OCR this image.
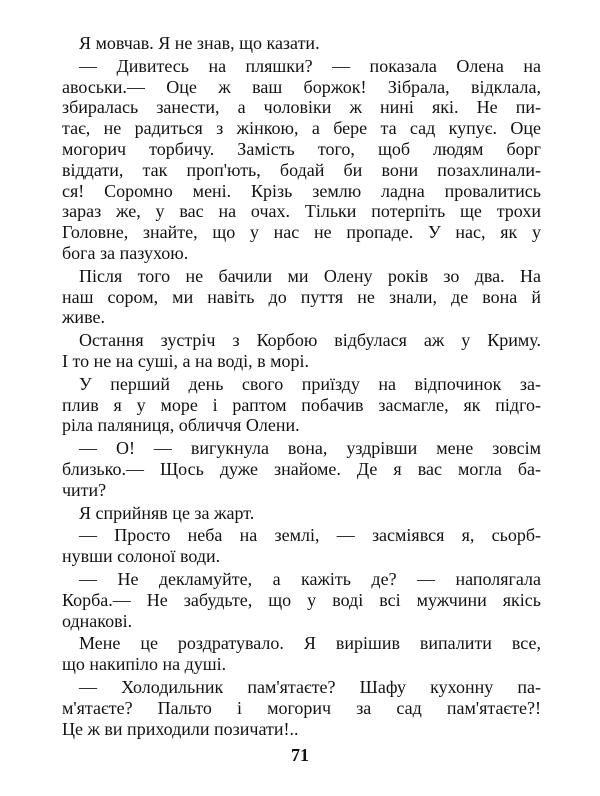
Я мовчав. Я не знав, що казати.
— Дивитесь на пляшки? — показала Олена на
авоськи.— Оце ж ваш боржок! Зібрала, відклала,
збиралась занести, а чоловіки ж нині які. Не пи-
тає, не радиться з жінкою, а бере та сад купує. Оце
могорич торбичу. Замість того, щоб людям борг
віддати, так проп'ють, бодай би вони позахлинали-
ся! Соромно мені. Крізь землю ладна провалитись
зараз же, у вас на очах. Тільки потерпіть ще трохи
Головне, знайте, що у нас не пропаде. У нас, як у
бога за пазухою.
Після того не бачили ми Олену років зо два. На
наш сором, ми навіть до пуття не знали, де вона й
живе.
Остання зустріч з Корбою відбулася аж у Криму.
І то не на суші, а на воді, в морі.
У перший день свого приїзду на відпочинок за-
плив я у море і раптом побачив засмагле, як підго-
ріла паляниця, обличчя Олени.
— О! — вигукнула вона, уздрівши мене зовсім
близько.— Щось дуже знайоме. Де я вас могла ба-
чити?
Я сприйняв це за жарт.
— Просто неба на землі, — засміявся я, сьорб-
нувши солоної води.
— Не декламуйте, а кажіть де? — наполягала
Корба.— Не забудьте, що у воді всі мужчини якісь
однакові.
Мене це роздратувало. Я вирішив випалити все,
що накипіло на душі.
— Холодильник пам'ятаєте? Шафу кухонну па-
м'ятаєте? Пальто і могорич за сад пам'ятаєте?!
Це ж ви приходили позичати!..
71
